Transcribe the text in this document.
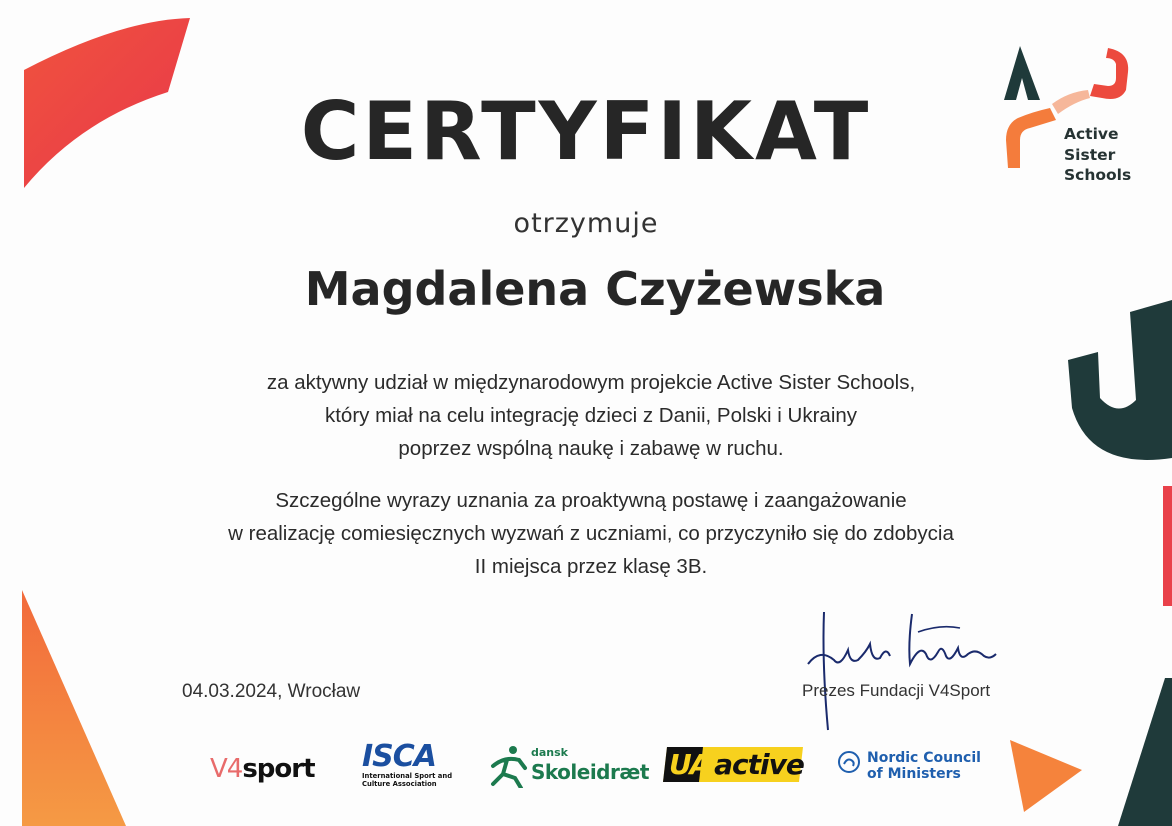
Active
Sister
Schools
CERTYFIKAT
otrzymuje
Magdalena Czyżewska
za aktywny udział w międzynarodowym projekcie Active Sister Schools,
który miał na celu integrację dzieci z Danii, Polski i Ukrainy
poprzez wspólną naukę i zabawę w ruchu.
Szczególne wyrazy uznania za proaktywną postawę i zaangażowanie
w realizację comiesięcznych wyzwań z uczniami, co przyczyniło się do zdobycia
II miejsca przez klasę 3B.
04.03.2024, Wrocław	Prezes Fundacji V4Sport
V4sport ISCA
International Sport and
Culture Association
dansk
Skoleidræt UA active	Nordic Council
of Ministers
